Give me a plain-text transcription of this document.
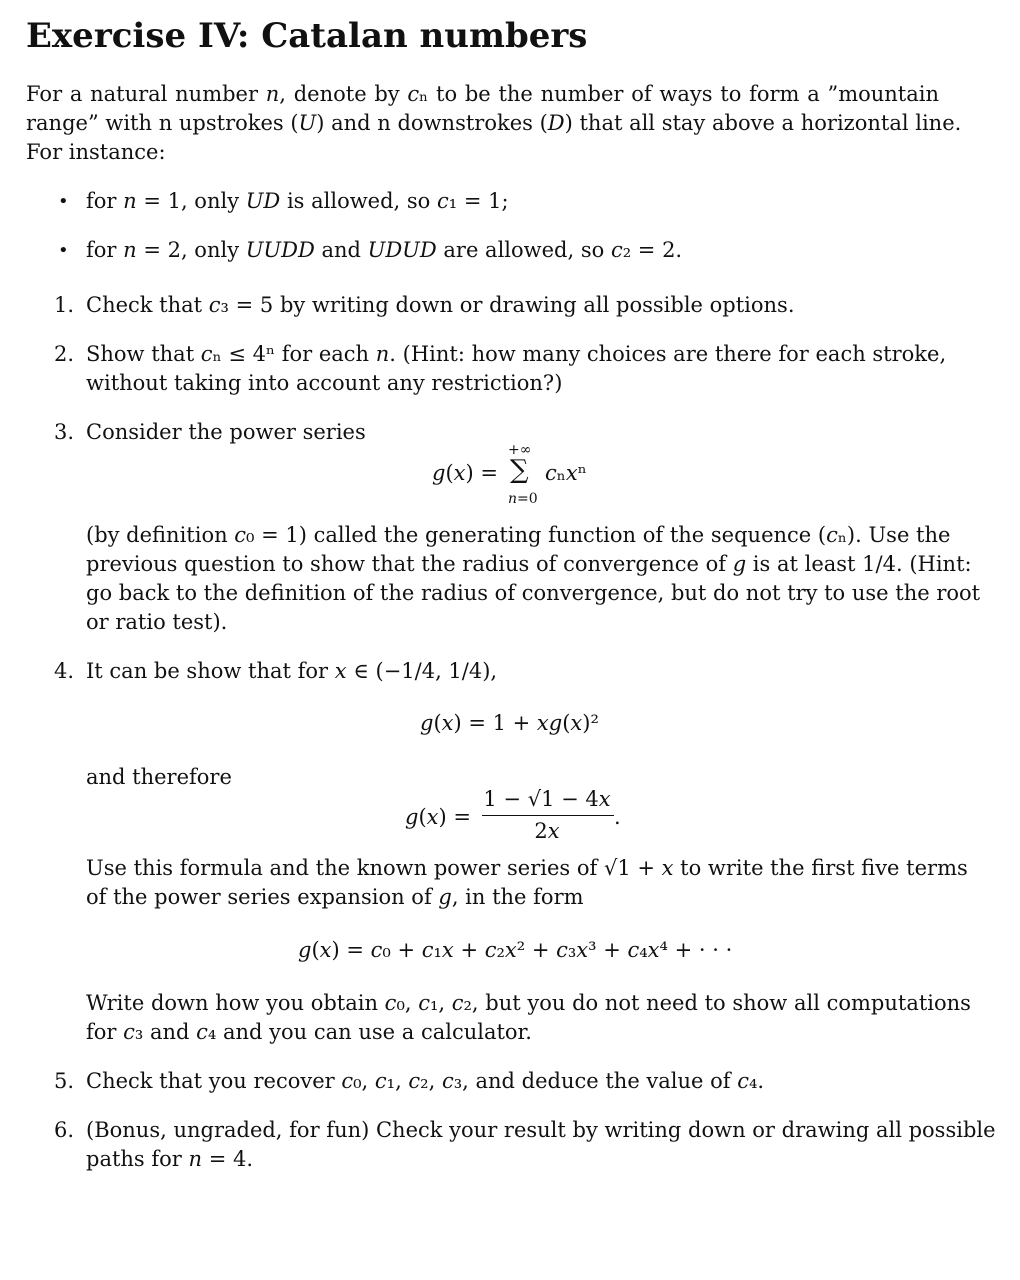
Exercise IV: Catalan numbers
For a natural number 𝑛, denote by 𝑐ₙ to be the number of ways to form a ”mountain
range” with n upstrokes (𝑈) and n downstrokes (𝐷) that all stay above a horizontal line.
For instance:
• for 𝑛 = 1, only 𝑈𝐷 is allowed, so 𝑐₁ = 1;
• for 𝑛 = 2, only 𝑈𝑈𝐷𝐷 and 𝑈𝐷𝑈𝐷 are allowed, so 𝑐₂ = 2.
1. Check that 𝑐₃ = 5 by writing down or drawing all possible options.
2. Show that 𝑐ₙ ≤ 4ⁿ for each 𝑛. (Hint: how many choices are there for each stroke,
without taking into account any restriction?)
3. Consider the power series
𝑔(𝑥) =
+∞
∑
𝑛=0
𝑐ₙ𝑥ⁿ
(by definition 𝑐₀ = 1) called the generating function of the sequence (𝑐ₙ). Use the
previous question to show that the radius of convergence of 𝑔 is at least 1/4. (Hint:
go back to the definition of the radius of convergence, but do not try to use the root
or ratio test).
4. It can be show that for 𝑥 ∈ (−1/4, 1/4),
𝑔(𝑥) = 1 + 𝑥𝑔(𝑥)²
and therefore
𝑔(𝑥) =
1 − √1 − 4𝑥
2𝑥
.
Use this formula and the known power series of √1 + 𝑥 to write the first five terms
of the power series expansion of 𝑔, in the form
𝑔(𝑥) = 𝑐₀ + 𝑐₁𝑥 + 𝑐₂𝑥² + 𝑐₃𝑥³ + 𝑐₄𝑥⁴ + · · ·
Write down how you obtain 𝑐₀, 𝑐₁, 𝑐₂, but you do not need to show all computations
for 𝑐₃ and 𝑐₄ and you can use a calculator.
5. Check that you recover 𝑐₀, 𝑐₁, 𝑐₂, 𝑐₃, and deduce the value of 𝑐₄.
6. (Bonus, ungraded, for fun) Check your result by writing down or drawing all possible
paths for 𝑛 = 4.
